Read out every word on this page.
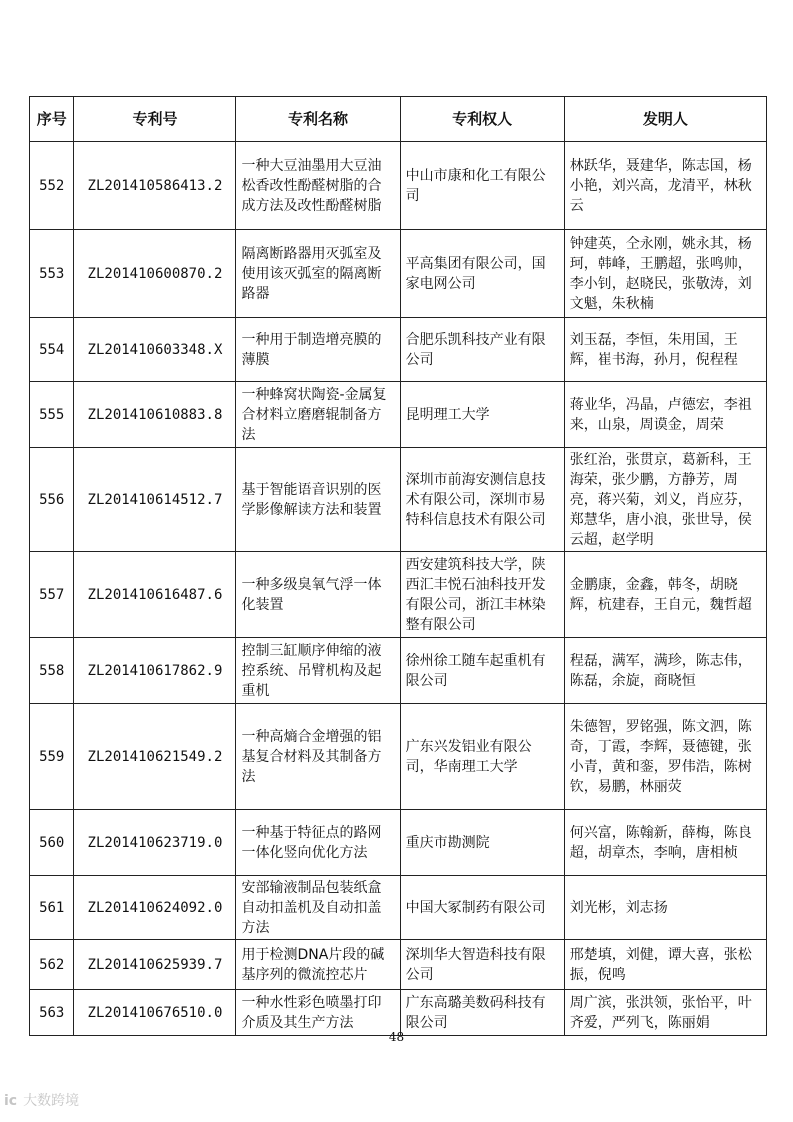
序号	专利号	专利名称	专利权人	发明人
552	ZL201410586413.2	一种大豆油墨用大豆油松香改性酚醛树脂的合成方法及改性酚醛树脂	中山市康和化工有限公司	林跃华，聂建华，陈志国，杨小艳，刘兴高，龙清平，林秋云
553	ZL201410600870.2	隔离断路器用灭弧室及使用该灭弧室的隔离断路器	平高集团有限公司，国家电网公司	钟建英，仝永刚，姚永其，杨珂，韩峰，王鹏超，张鸣帅，李小钊，赵晓民，张敬涛，刘文魁，朱秋楠
554	ZL201410603348.X	一种用于制造增亮膜的薄膜	合肥乐凯科技产业有限公司	刘玉磊，李恒，朱用国，王辉，崔书海，孙月，倪程程
555	ZL201410610883.8	一种蜂窝状陶瓷-金属复合材料立磨磨辊制备方法	昆明理工大学	蒋业华，冯晶，卢德宏，李祖来，山泉，周谟金，周荣
556	ZL201410614512.7	基于智能语音识别的医学影像解读方法和装置	深圳市前海安测信息技术有限公司，深圳市易特科信息技术有限公司	张红治，张贯京，葛新科，王海荣，张少鹏，方静芳，周亮，蒋兴菊，刘义，肖应芬，郑慧华，唐小浪，张世导，侯云超，赵学明
557	ZL201410616487.6	一种多级臭氧气浮一体化装置	西安建筑科技大学，陕西汇丰悦石油科技开发有限公司，浙江丰林染整有限公司	金鹏康，金鑫，韩冬，胡晓辉，杭建春，王自元，魏哲超
558	ZL201410617862.9	控制三缸顺序伸缩的液控系统、吊臂机构及起重机	徐州徐工随车起重机有限公司	程磊，满军，满珍，陈志伟，陈磊，余旋，商晓恒
559	ZL201410621549.2	一种高熵合金增强的铝基复合材料及其制备方法	广东兴发铝业有限公司，华南理工大学	朱德智，罗铭强，陈文泗，陈奇，丁霞，李辉，聂德键，张小青，黄和銮，罗伟浩，陈树钦，易鹏，林丽荧
560	ZL201410623719.0	一种基于特征点的路网一体化竖向优化方法	重庆市勘测院	何兴富，陈翰新，薛梅，陈良超，胡章杰，李响，唐相桢
561	ZL201410624092.0	安部输液制品包装纸盒自动扣盖机及自动扣盖方法	中国大冢制药有限公司	刘光彬，刘志扬
562	ZL201410625939.7	用于检测DNA片段的碱基序列的微流控芯片	深圳华大智造科技有限公司	邢楚填，刘健，谭大喜，张松振，倪鸣
563	ZL201410676510.0	一种水性彩色喷墨打印介质及其生产方法	广东高璐美数码科技有限公司	周广滨，张洪领，张怡平，叶齐爱，严列飞，陈丽娟
48
ic 大数跨境
